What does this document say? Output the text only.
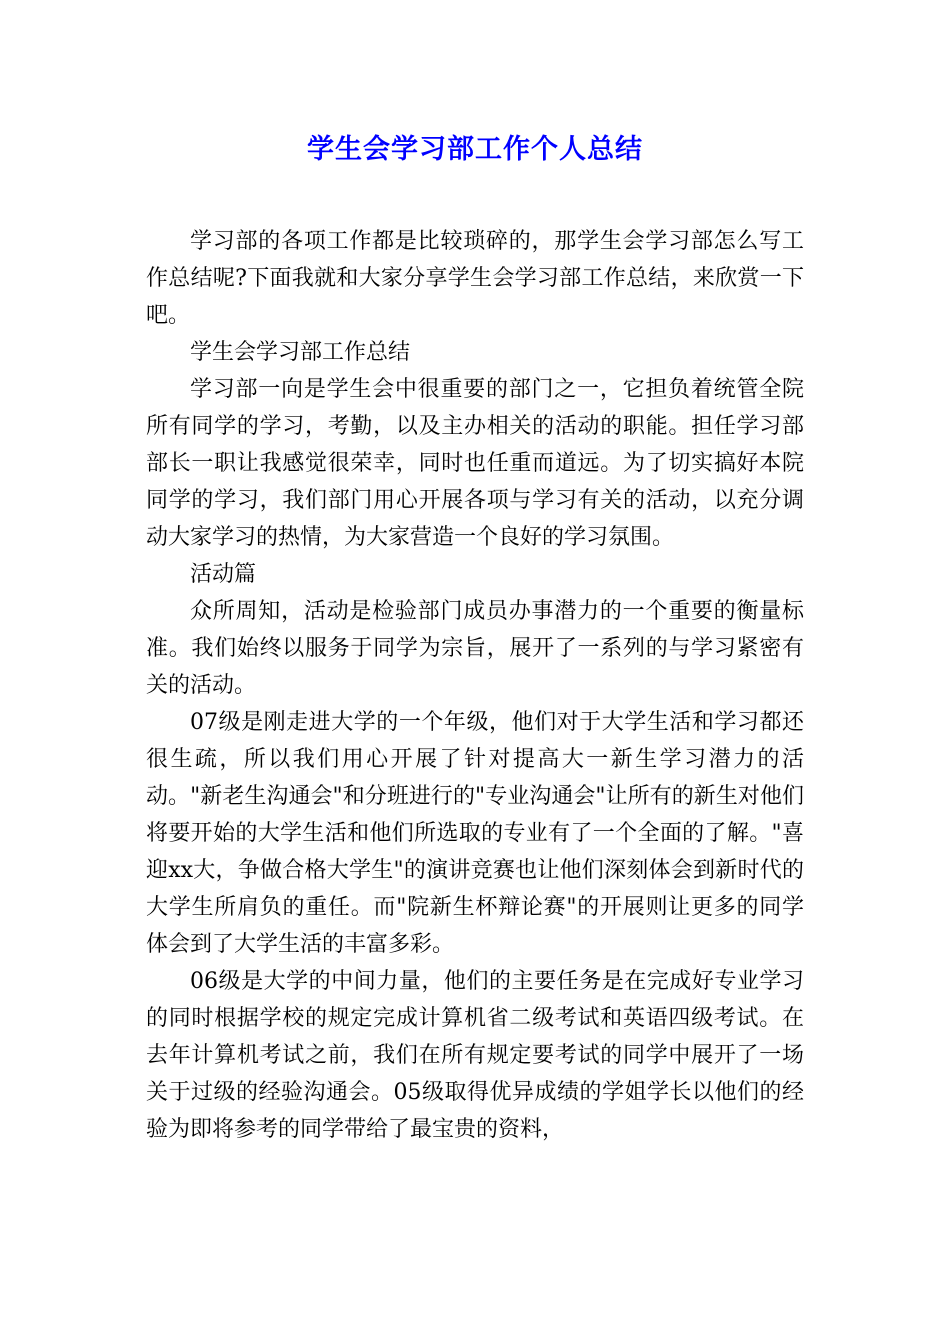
学生会学习部工作个人总结

学习部的各项工作都是比较琐碎的，那学生会学习部怎么写工作总结呢?下面我就和大家分享学生会学习部工作总结，来欣赏一下吧。

学生会学习部工作总结

学习部一向是学生会中很重要的部门之一，它担负着统管全院所有同学的学习，考勤，以及主办相关的活动的职能。担任学习部部长一职让我感觉很荣幸，同时也任重而道远。为了切实搞好本院同学的学习，我们部门用心开展各项与学习有关的活动，以充分调动大家学习的热情，为大家营造一个良好的学习氛围。

活动篇

众所周知，活动是检验部门成员办事潜力的一个重要的衡量标准。我们始终以服务于同学为宗旨，展开了一系列的与学习紧密有关的活动。

07级是刚走进大学的一个年级，他们对于大学生活和学习都还很生疏，所以我们用心开展了针对提高大一新生学习潜力的活动。"新老生沟通会"和分班进行的"专业沟通会"让所有的新生对他们将要开始的大学生活和他们所选取的专业有了一个全面的了解。"喜迎xx大，争做合格大学生"的演讲竞赛也让他们深刻体会到新时代的大学生所肩负的重任。而"院新生杯辩论赛"的开展则让更多的同学体会到了大学生活的丰富多彩。

06级是大学的中间力量，他们的主要任务是在完成好专业学习的同时根据学校的规定完成计算机省二级考试和英语四级考试。在去年计算机考试之前，我们在所有规定要考试的同学中展开了一场关于过级的经验沟通会。05级取得优异成绩的学姐学长以他们的经验为即将参考的同学带给了最宝贵的资料，
